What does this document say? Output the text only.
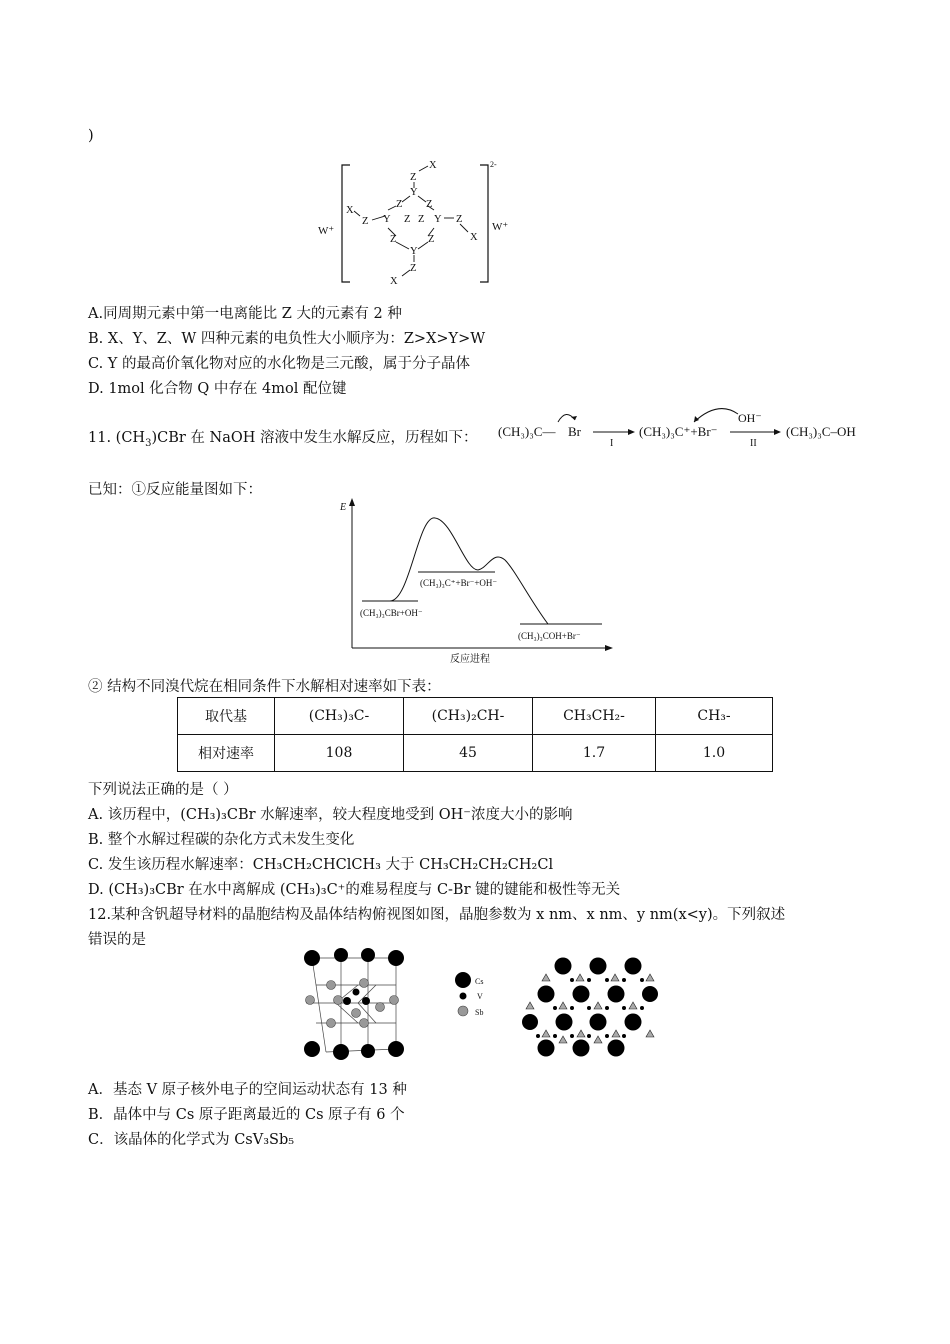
)
W⁺	W⁺
2-
X
Z
Y
Z Z
X
Z Y Z Z Y Z
X
Z	Z
Y
Z
X
A.同周期元素中第一电离能比 Z 大的元素有 2 种
B. X、Y、Z、W 四种元素的电负性大小顺序为：Z>X>Y>W
C. Y 的最高价氧化物对应的水化物是三元酸，属于分子晶体
D. 1mol 化合物 Q 中存在 4mol 配位键
11. $(CH_3)CBr$ 在 NaOH 溶液中发生水解反应，历程如下： (CH₃)₃C— Br
I
(CH₃)₃C⁺+Br⁻
OH⁻
II
(CH₃)₃C–OH
已知：①反应能量图如下：
E
反应进程
(CH₃)₃CBr+OH⁻
(CH₃)₃C⁺+Br⁻+OH⁻
(CH₃)₃COH+Br⁻
② 结构不同溴代烷在相同条件下水解相对速率如下表：
取代基	(CH₃)₃C-	(CH₃)₂CH-	CH₃CH₂-	CH₃-
相对速率	108	45	1.7	1.0
下列说法正确的是（ ）
A. 该历程中，(CH₃)₃CBr 水解速率，较大程度地受到 OH⁻浓度大小的影响
B. 整个水解过程碳的杂化方式未发生变化
C. 发生该历程水解速率：CH₃CH₂CHClCH₃ 大于 CH₃CH₂CH₂CH₂Cl
D. (CH₃)₃CBr 在水中离解成 (CH₃)₃C⁺的难易程度与 C-Br 键的键能和极性等无关
12.某种含钒超导材料的晶胞结构及晶体结构俯视图如图，晶胞参数为 x nm、x nm、y nm(x<y)。下列叙述
错误的是
Cs
V
Sb
A．基态 V 原子核外电子的空间运动状态有 13 种
B．晶体中与 Cs 原子距离最近的 Cs 原子有 6 个
C．该晶体的化学式为 CsV₃Sb₅
